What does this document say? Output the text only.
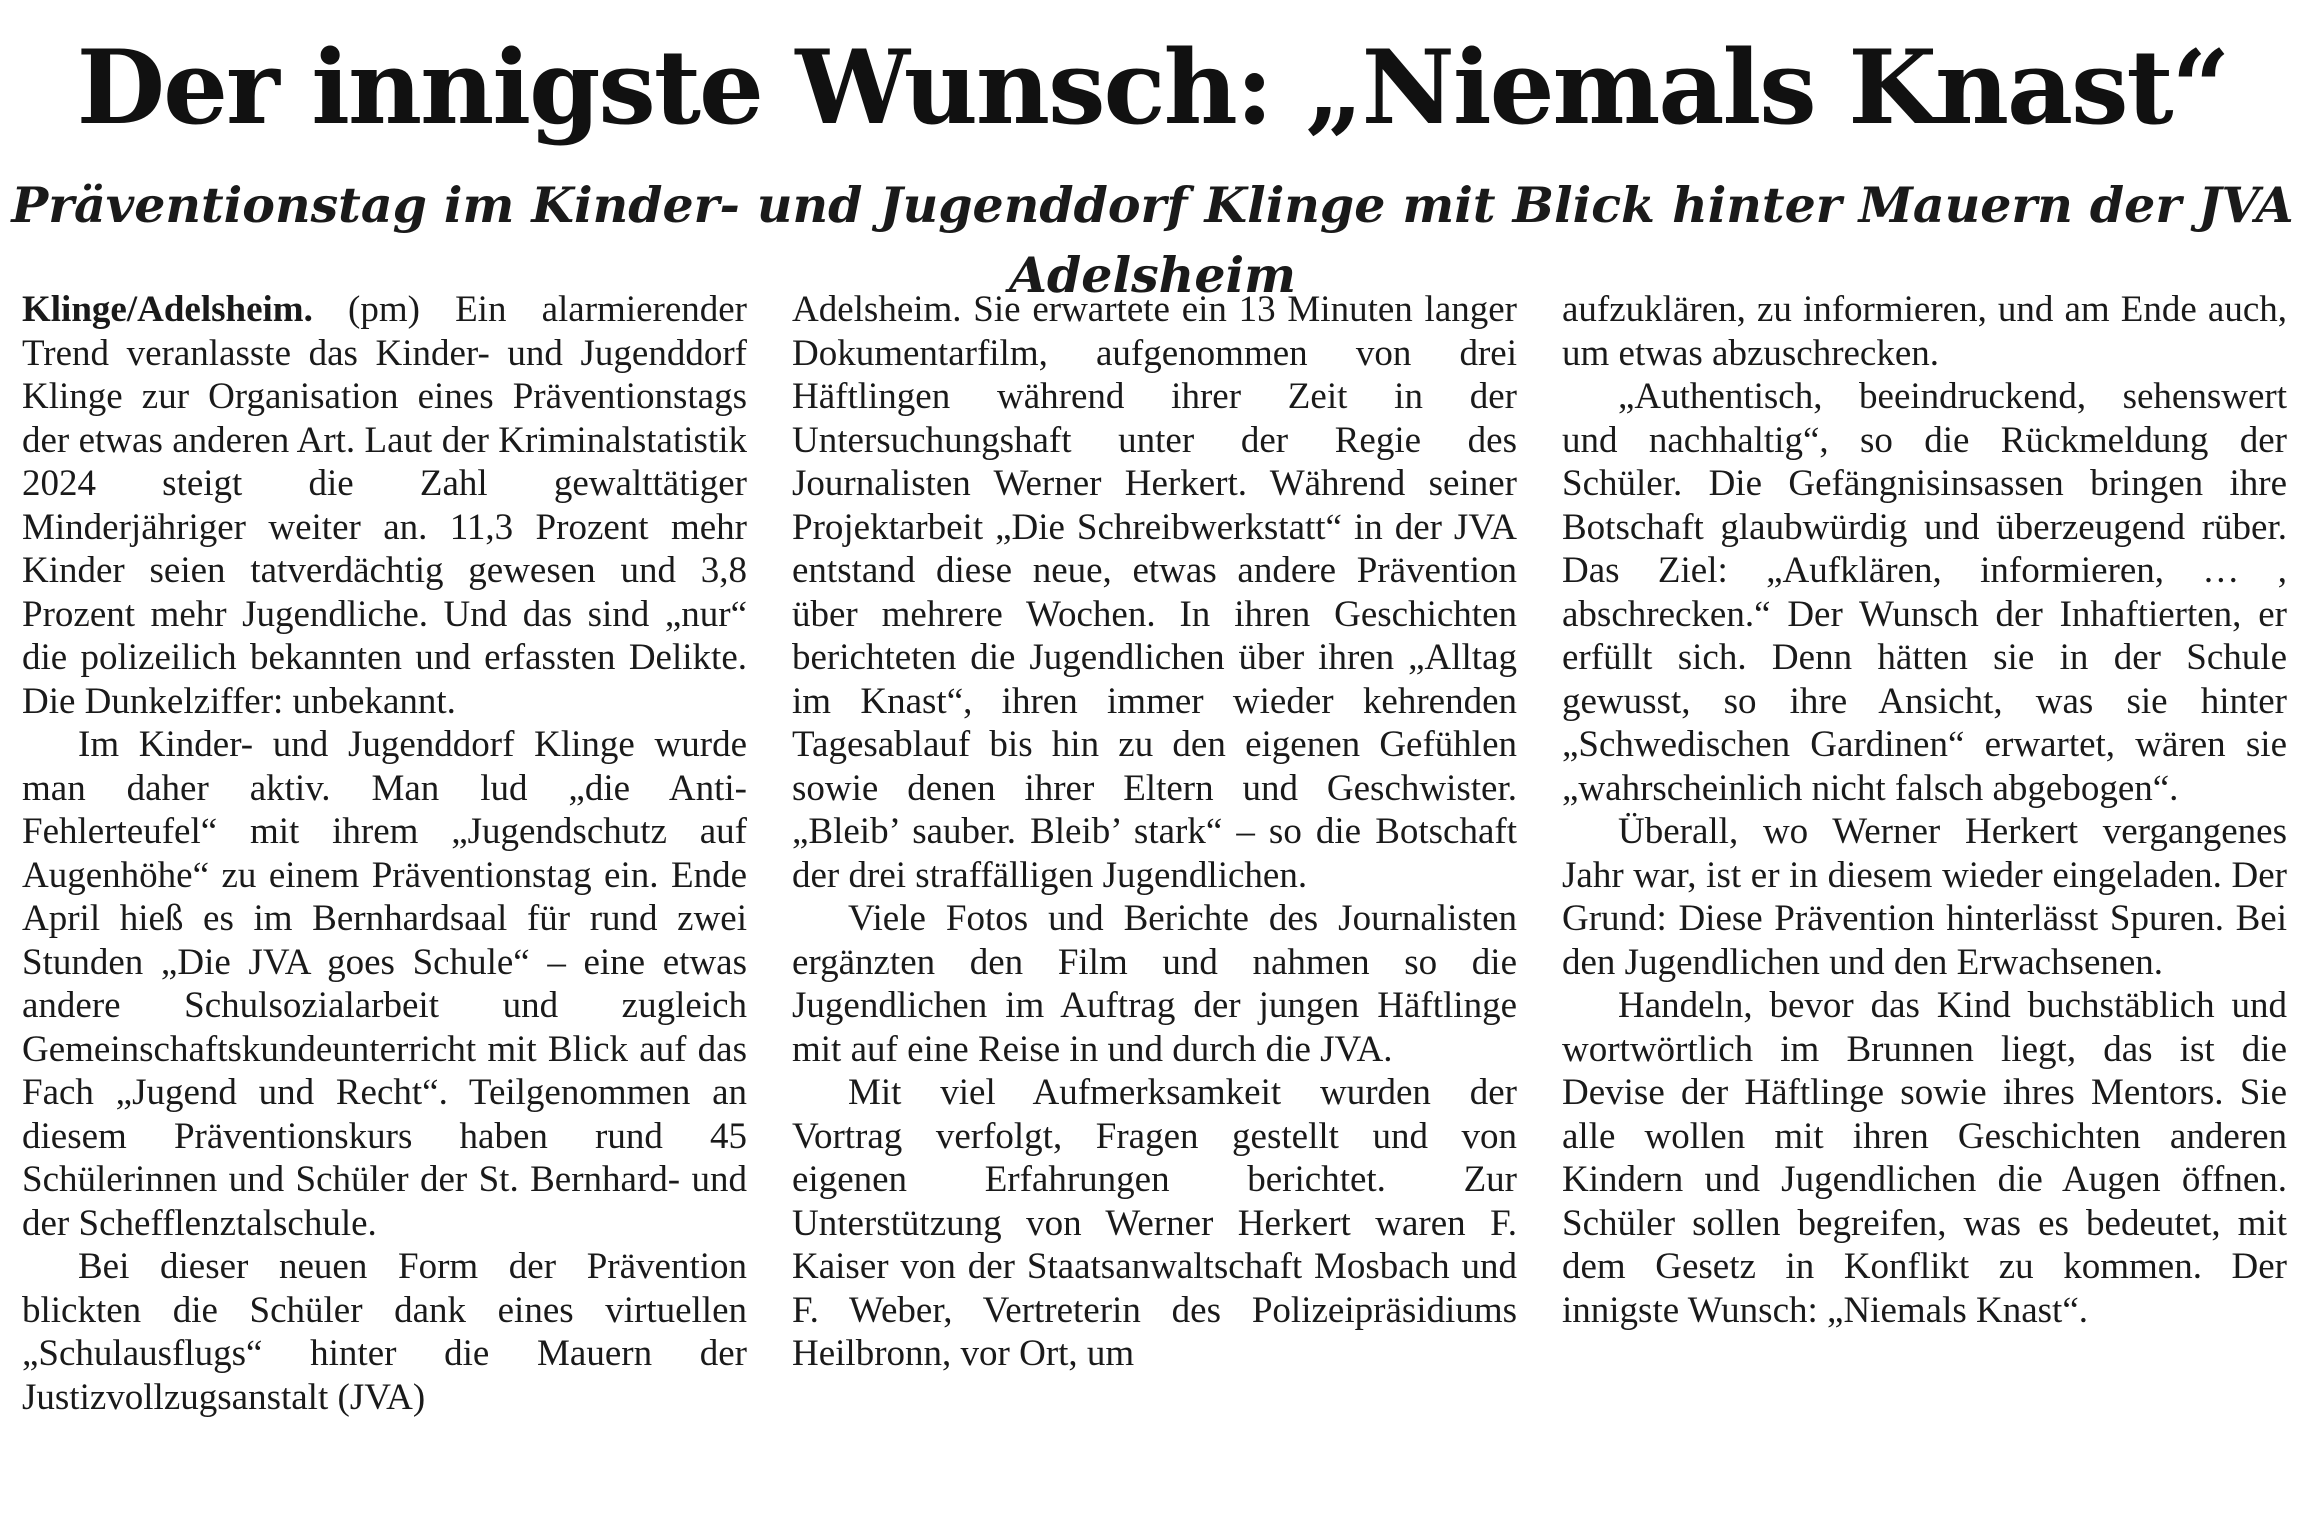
Der innigste Wunsch: „Niemals Knast“
Präventionstag im Kinder- und Jugenddorf Klinge mit Blick hinter Mauern der JVA Adelsheim

Klinge/Adelsheim. (pm) Ein alarmierender Trend veranlasste das Kinder- und Jugenddorf Klinge zur Organisation eines Präventionstags der etwas anderen Art. Laut der Kriminalstatistik 2024 steigt die Zahl gewalttätiger Minderjähriger weiter an. 11,3 Prozent mehr Kinder seien tatverdächtig gewesen und 3,8 Prozent mehr Jugendliche. Und das sind „nur“ die polizeilich bekannten und erfassten Delikte. Die Dunkelziffer: unbekannt.

Im Kinder- und Jugenddorf Klinge wurde man daher aktiv. Man lud „die Anti-Fehlerteufel“ mit ihrem „Jugendschutz auf Augenhöhe“ zu einem Präventionstag ein. Ende April hieß es im Bernhardsaal für rund zwei Stunden „Die JVA goes Schule“ – eine etwas andere Schulsozialarbeit und zugleich Gemeinschaftskundeunterricht mit Blick auf das Fach „Jugend und Recht“. Teilgenommen an diesem Präventionskurs haben rund 45 Schülerinnen und Schüler der St. Bernhard- und der Schefflenztalschule.

Bei dieser neuen Form der Prävention blickten die Schüler dank eines virtuellen „Schulausflugs“ hinter die Mauern der Justizvollzugsanstalt (JVA)

Adelsheim. Sie erwartete ein 13 Minuten langer Dokumentarfilm, aufgenommen von drei Häftlingen während ihrer Zeit in der Untersuchungshaft unter der Regie des Journalisten Werner Herkert. Während seiner Projektarbeit „Die Schreibwerkstatt“ in der JVA entstand diese neue, etwas andere Prävention über mehrere Wochen. In ihren Geschichten berichteten die Jugendlichen über ihren „Alltag im Knast“, ihren immer wieder kehrenden Tagesablauf bis hin zu den eigenen Gefühlen sowie denen ihrer Eltern und Geschwister. „Bleib’ sauber. Bleib’ stark“ – so die Botschaft der drei straffälligen Jugendlichen.

Viele Fotos und Berichte des Journalisten ergänzten den Film und nahmen so die Jugendlichen im Auftrag der jungen Häftlinge mit auf eine Reise in und durch die JVA.

Mit viel Aufmerksamkeit wurden der Vortrag verfolgt, Fragen gestellt und von eigenen Erfahrungen berichtet. Zur Unterstützung von Werner Herkert waren F. Kaiser von der Staatsanwaltschaft Mosbach und F. Weber, Vertreterin des Polizeipräsidiums Heilbronn, vor Ort, um

aufzuklären, zu informieren, und am Ende auch, um etwas abzuschrecken.

„Authentisch, beeindruckend, sehenswert und nachhaltig“, so die Rückmeldung der Schüler. Die Gefängnisinsassen bringen ihre Botschaft glaubwürdig und überzeugend rüber. Das Ziel: „Aufklären, informieren, … , abschrecken.“ Der Wunsch der Inhaftierten, er erfüllt sich. Denn hätten sie in der Schule gewusst, so ihre Ansicht, was sie hinter „Schwedischen Gardinen“ erwartet, wären sie „wahrscheinlich nicht falsch abgebogen“.

Überall, wo Werner Herkert vergangenes Jahr war, ist er in diesem wieder eingeladen. Der Grund: Diese Prävention hinterlässt Spuren. Bei den Jugendlichen und den Erwachsenen.

Handeln, bevor das Kind buchstäblich und wortwörtlich im Brunnen liegt, das ist die Devise der Häftlinge sowie ihres Mentors. Sie alle wollen mit ihren Geschichten anderen Kindern und Jugendlichen die Augen öffnen. Schüler sollen begreifen, was es bedeutet, mit dem Gesetz in Konflikt zu kommen. Der innigste Wunsch: „Niemals Knast“.
